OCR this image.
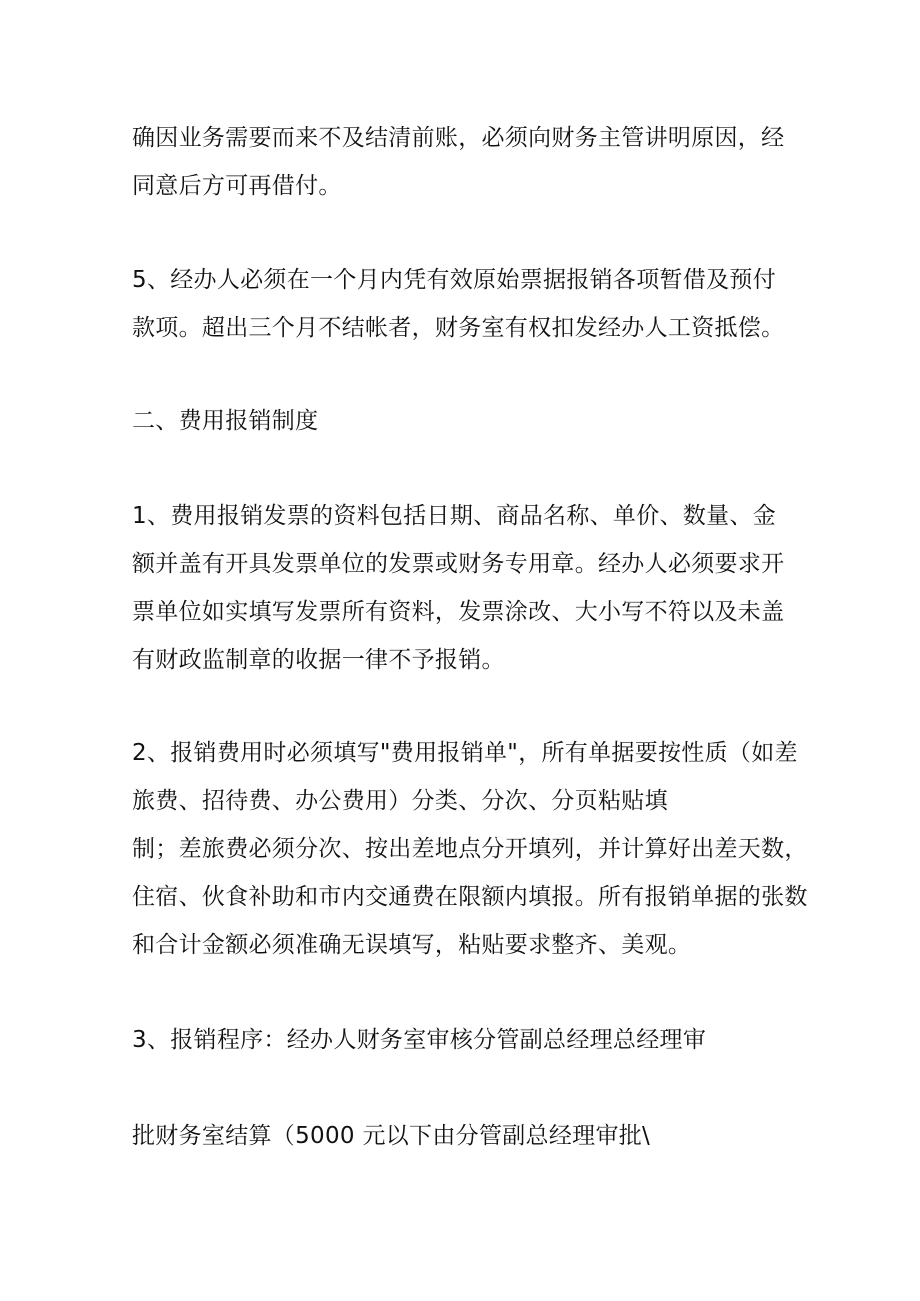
确因业务需要而来不及结清前账，必须向财务主管讲明原因，经
同意后方可再借付。
5、经办人必须在一个月内凭有效原始票据报销各项暂借及预付
款项。超出三个月不结帐者，财务室有权扣发经办人工资抵偿。
二、费用报销制度
1、费用报销发票的资料包括日期、商品名称、单价、数量、金
额并盖有开具发票单位的发票或财务专用章。经办人必须要求开
票单位如实填写发票所有资料，发票涂改、大小写不符以及未盖
有财政监制章的收据一律不予报销。
2、报销费用时必须填写"费用报销单"，所有单据要按性质（如差
旅费、招待费、办公费用）分类、分次、分页粘贴填
制；差旅费必须分次、按出差地点分开填列，并计算好出差天数，
住宿、伙食补助和市内交通费在限额内填报。所有报销单据的张数
和合计金额必须准确无误填写，粘贴要求整齐、美观。
3、报销程序：经办人财务室审核分管副总经理总经理审
批财务室结算（5000 元以下由分管副总经理审批\
